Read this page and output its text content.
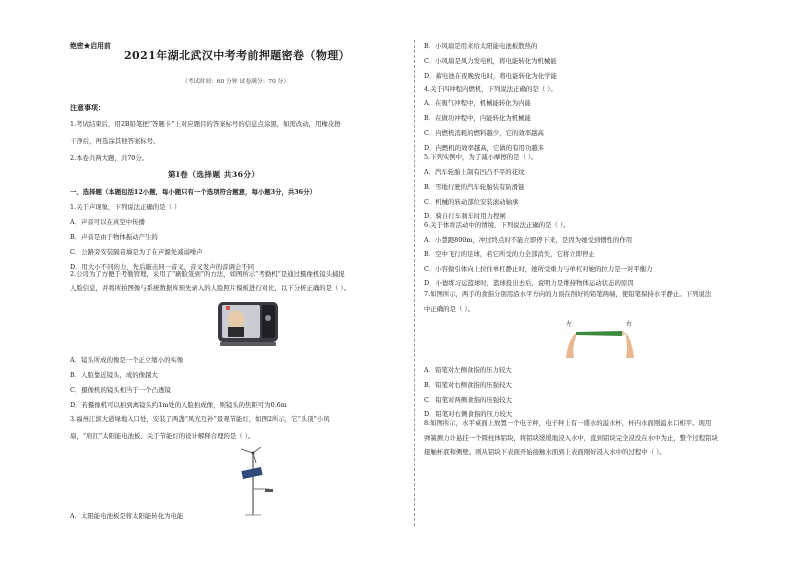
绝密★启用前
2021年湖北武汉中考考前押题密卷（物理）
（考试时间：60 分钟 试卷满分：70 分）
注意事项：
1.考试结束后，用2B铅笔把“答题卡”上对应题目的答案标号的信息点涂黑，如需改动，用橡皮擦
干净后，再选涂其他答案标号。
2.本卷共两大题，共70分。
第Ⅰ卷（选择题 共36分）
一、选择题（本题包括12小题，每小题只有一个选项符合题意，每小题3分，共36分）
1.关于声现象，下列说法正确的是（ ）
A．声音可以在真空中传播
B．声音是由于物体振动产生的
C．公路旁安装隔音墙是为了在声源处减弱噪声
D．用大小不同的力，先后敲击同一音叉，音叉发声的音调会不同
2.公司为了方便于考勤管理，采用了“刷脸签到”的方法，如图所示“考勤机”是通过摄像机镜头捕捉
人脸信息，并将所拍图像与系统数据库预先录入的人脸照片模板进行对比，以下分析正确的是（ ）。
A．镜头所成的像是一个正立缩小的实像
B．人脸靠近镜头，成的像越大
C．摄像机的镜头相当于一个凸透镜
D．若摄像机可以拍到离镜头约1m处的人脸拍成像，则镜头的焦距可为0.6m
3.福州江滨大道绿地入口处，安装了两盏“风光互补”景观节能灯，如图2所示，它“头顶”小风
扇，“肩扛”太阳能电池板。关于节能灯的设计解释合理的是（ ）。
A．太阳能电池板是将太阳能转化为电能
B．小风扇是用来给太阳能电池板散热的
C．小风扇是风力发电机，将电能转化为机械能
D．蓄电池在夜晚放电时，将电能转化为化学能
4.关于四冲程内燃机，下列说法正确的是（ ）。
A．在吸气冲程中，机械能转化为内能
B．在做功冲程中，内能转化为机械能
C．内燃机消耗的燃料越少，它的效率越高
D．内燃机的效率越高，它做的有用功越多
5.下列实例中，为了减小摩擦的是（ ）。
A．汽车轮胎上制有凹凸不平的花纹
B．雪地行驶的汽车轮胎装有防滑链
C．机械的转动部位安装滚动轴承
D．骑自行车刹车时用力捏闸
6.关于体育活动中的情境，下列说法正确的是（ ）。
A．小慧跑800m，冲过终点时不能立即停下来，是因为她受到惯性的作用
B．空中飞行的足球，若它所受的力全部消失，它将立即停止
C．小容做引体向上拉住单杠静止时，她所受重力与单杠对她的拉力是一对平衡力
D．小德练习运篮球时，篮球投出去后，说明力是维持物体运动状态的原因
7.如图所示，两手的食指分别用沿水平方向的力顶在削好的铅笔两端，使铅笔保持水平静止。下列说法
中正确的是（ ）。
左	右
A．铅笔对左侧食指的压力较大
B．铅笔对右侧食指的压强较大
C．铅笔对两侧食指的压强较大
D．铅笔对右侧食指的压力较大
8.如图所示，水平桌面上放置一个电子秤，电子秤上有一盛水的溢水杯，杯内水面刚溢水口相平。现用
弹簧测力计悬挂一个圆柱体铝块，将铝块缓缓地浸入水中，直到铝块完全浸没在水中为止，整个过程铝块
接触杯底和侧壁。则从铝块下表面开始接触水面到上表面刚好浸入水中的过程中（ ）。
